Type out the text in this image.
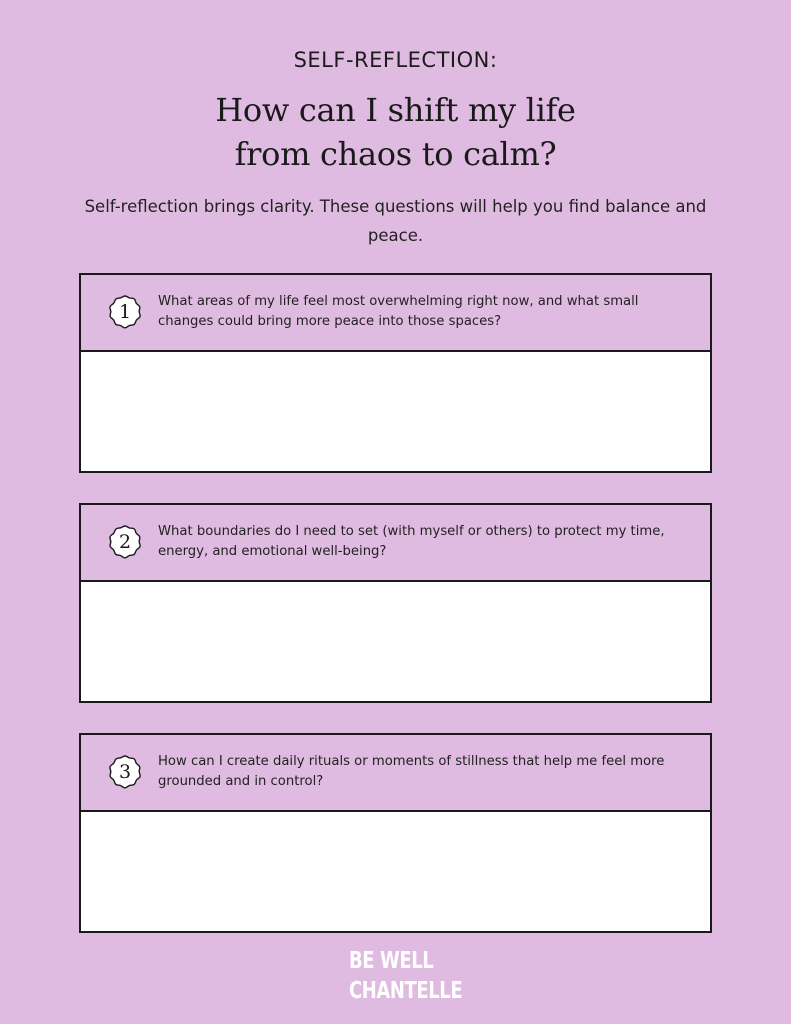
SELF-REFLECTION:
How can I shift my life
from chaos to calm?
Self-reflection brings clarity. These questions will help you find balance and peace.
1	What areas of my life feel most overwhelming right now, and what small changes could bring more peace into those spaces?
2	What boundaries do I need to set (with myself or others) to protect my time, energy, and emotional well-being?
3	How can I create daily rituals or moments of stillness that help me feel more grounded and in control?
BE WELL
CHANTELLE
